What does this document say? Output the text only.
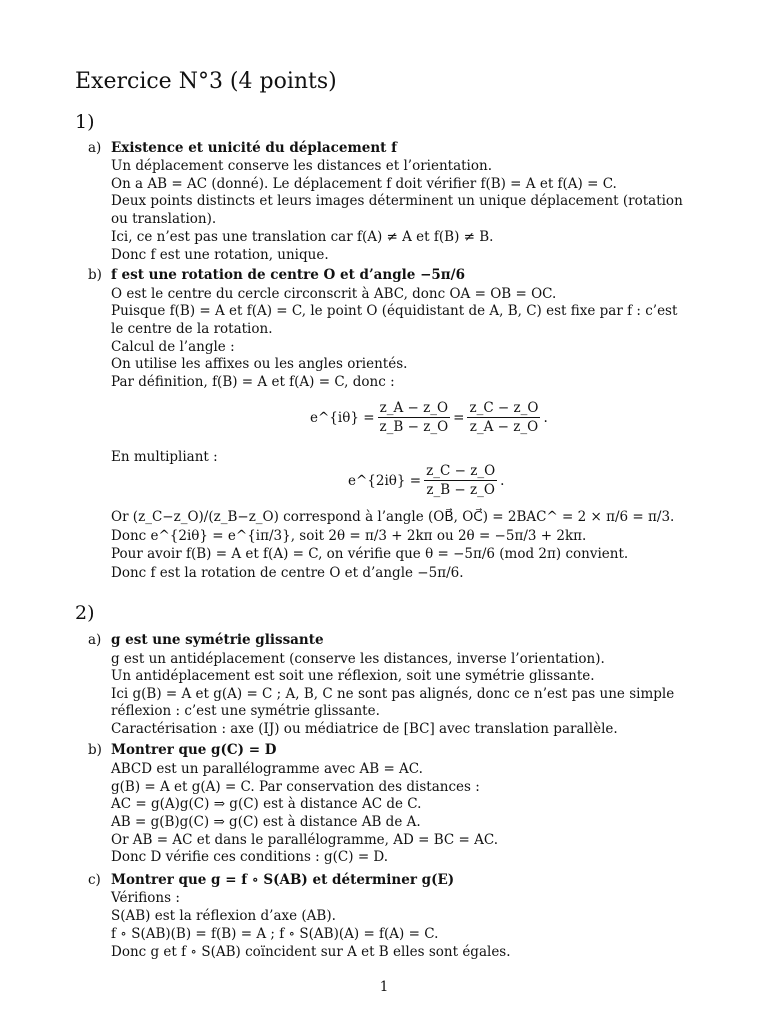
Exercice N°3 (4 points)
1)
a) Existence et unicité du déplacement f
Un déplacement conserve les distances et l’orientation.
On a AB = AC (donné). Le déplacement f doit vérifier f(B) = A et f(A) = C.
Deux points distincts et leurs images déterminent un unique déplacement (rotation
ou translation).
Ici, ce n’est pas une translation car f(A) ≠ A et f(B) ≠ B.
Donc f est une rotation, unique.
b) f est une rotation de centre O et d’angle −5π/6
O est le centre du cercle circonscrit à ABC, donc OA = OB = OC.
Puisque f(B) = A et f(A) = C, le point O (équidistant de A, B, C) est fixe par f : c’est
le centre de la rotation.
Calcul de l’angle :
On utilise les affixes ou les angles orientés.
Par définition, f(B) = A et f(A) = C, donc :
e^{iθ} = $\frac{z\_A - z\_O}{z\_B - z\_O} = \frac{z\_C - z\_O}{z\_A - z\_O}$ .
En multipliant :
e^{2iθ} = $\frac{z\_C - z\_O}{z\_B - z\_O}$ .
Or (z_C−z_O)/(z_B−z_O) correspond à l’angle (OB⃗, OC⃗) = 2BAC^ = 2 × π/6 = π/3.
Donc e^{2iθ} = e^{iπ/3}, soit 2θ = π/3 + 2kπ ou 2θ = −5π/3 + 2kπ.
Pour avoir f(B) = A et f(A) = C, on vérifie que θ = −5π/6 (mod 2π) convient.
Donc f est la rotation de centre O et d’angle −5π/6.
2)
a) g est une symétrie glissante
g est un antidéplacement (conserve les distances, inverse l’orientation).
Un antidéplacement est soit une réflexion, soit une symétrie glissante.
Ici g(B) = A et g(A) = C ; A, B, C ne sont pas alignés, donc ce n’est pas une simple
réflexion : c’est une symétrie glissante.
Caractérisation : axe (IJ) ou médiatrice de [BC] avec translation parallèle.
b) Montrer que g(C) = D
ABCD est un parallélogramme avec AB = AC.
g(B) = A et g(A) = C. Par conservation des distances :
AC = g(A)g(C) ⇒ g(C) est à distance AC de C.
AB = g(B)g(C) ⇒ g(C) est à distance AB de A.
Or AB = AC et dans le parallélogramme, AD = BC = AC.
Donc D vérifie ces conditions : g(C) = D.
c) Montrer que g = f ∘ S(AB) et déterminer g(E)
Vérifions :
S(AB) est la réflexion d’axe (AB).
f ∘ S(AB)(B) = f(B) = A ; f ∘ S(AB)(A) = f(A) = C.
Donc g et f ∘ S(AB) coïncident sur A et B elles sont égales.
1
